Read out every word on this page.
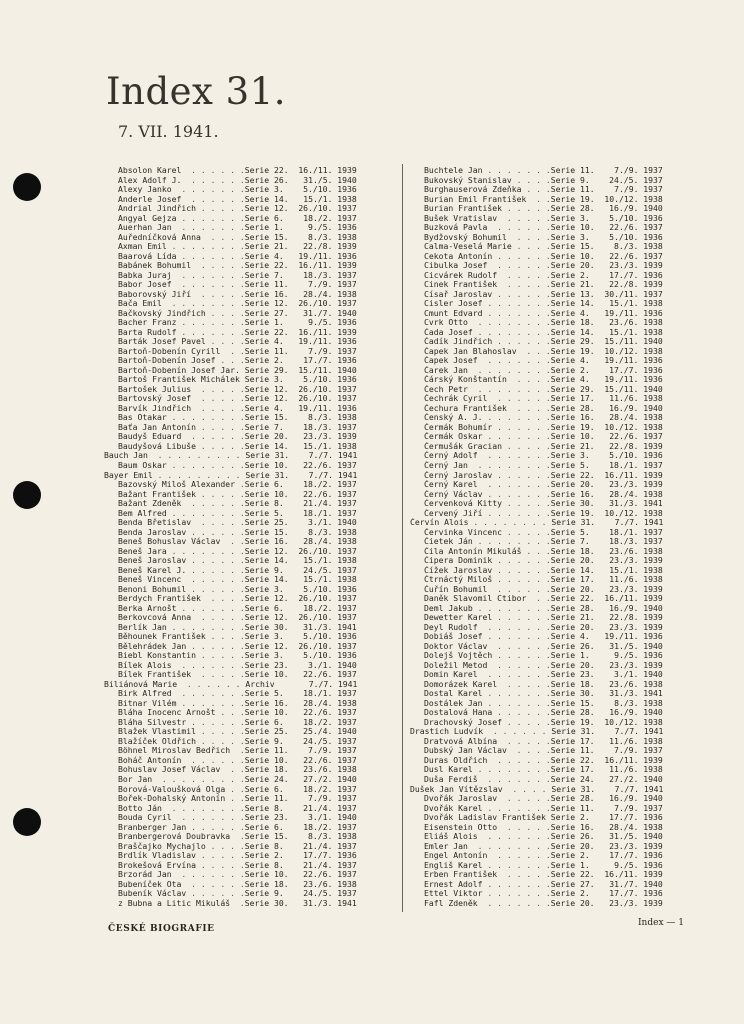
Index 31.
7. VII. 1941.
Absolon Karel  . . . . . .Serie 22. 16./11. 1939
Alex Adolf J.  . . . . . .Serie 26.   31./5. 1940
Alexy Janko  . . . . . . .Serie 3.    5./10. 1936
Anderle Josef  . . . . . .Serie 14.   15./1. 1938
Andrial Jindřich . . . . .Serie 12. 26./10. 1937
Angyal Gejza . . . . . . .Serie 6.    18./2. 1937
Auerhan Jan  . . . . . . .Serie 1.     9./5. 1936
Auředníčková Anna  . . . .Serie 15.    8./3. 1938
Axman Emil . . . . . . . .Serie 21.   22./8. 1939
Baarová Lída . . . . . . .Serie 4. 19./11. 1936
Babánek Bohumil  . . . . .Serie 22. 16./11. 1939
Babka Juraj  . . . . . . .Serie 7.    18./3. 1937
Babor Josef  . . . . . . .Serie 11.    7./9. 1937
Baborovský Jiří  . . . . .Serie 16.   28./4. 1938
Bača Emil  . . . . . . . .Serie 12. 26./10. 1937
Bačkovský Jindřich . . . .Serie 27.   31./7. 1940
Bacher Franz . . . . . . .Serie 1.     9./5. 1936
Barta Rudolf . . . . . . .Serie 22. 16./11. 1939
Barták Josef Pavel . . . .Serie 4. 19./11. 1936
Bartoň-Dobenín Cyrill  . .Serie 11.    7./9. 1937
Bartoň-Dobenín Josef . . .Serie 2.    17./7. 1936
Bartoň-Dobenín Josef Jar. Serie 29. 15./11. 1940
Bartoš František Michálek Serie 3.    5./10. 1936
Bartošek Julius  . . . . .Serie 12. 26./10. 1937
Bartovský Josef  . . . . .Serie 12. 26./10. 1937
Barvík Jindřich  . . . . .Serie 4. 19./11. 1936
Bas Otakar . . . . . . . .Serie 15.    8./3. 1938
Baťa Jan Antonín . . . . .Serie 7.    18./3. 1937
Baudyš Eduard  . . . . . .Serie 20.   23./3. 1939
Baudyšová Libuše . . . . .Serie 14.   15./1. 1938
Bauch Jan  . . . . . . . . . Serie 31.    7./7. 1941
Baum Oskar . . . . . . . .Serie 10.   22./6. 1937
Bayer Emil . . . . . . . . . Serie 31.    7./7. 1941
Bazovský Miloš Alexander .Serie 6.    18./2. 1937
Bažant František . . . . .Serie 10.   22./6. 1937
Bažant Zdeněk  . . . . . .Serie 8.    21./4. 1937
Bem Alfred . . . . . . . .Serie 5.    18./1. 1937
Benda Břetislav  . . . . .Serie 25.    3./1. 1940
Benda Jaroslav . . . . . .Serie 15.    8./3. 1938
Beneš Bohuslav Václav  . .Serie 16.   28./4. 1938
Beneš Jara . . . . . . . .Serie 12. 26./10. 1937
Beneš Jaroslav . . . . . .Serie 14.   15./1. 1938
Beneš Karel J. . . . . . .Serie 9.    24./5. 1937
Beneš Vincenc  . . . . . .Serie 14.   15./1. 1938
Benoni Bohumil . . . . . .Serie 3.    5./10. 1936
Berdych František  . . . .Serie 12. 26./10. 1937
Berka Arnošt . . . . . . .Serie 6.    18./2. 1937
Berkovcová Anna  . . . . .Serie 12. 26./10. 1937
Berlík Jan . . . . . . . .Serie 30.   31./3. 1941
Běhounek František . . . .Serie 3.    5./10. 1936
Bělehrádek Jan . . . . . .Serie 12. 26./10. 1937
Biebl Konstantin . . . . .Serie 3.    5./10. 1936
Bílek Alois  . . . . . . .Serie 23.    3./1. 1940
Bílek František  . . . . .Serie 10.   22./6. 1937
Biliánová Marie  . . . . . . Archiv	7./7. 1941
Birk Alfred  . . . . . . .Serie 5.    18./1. 1937
Bitnar Vilém . . . . . . .Serie 16.   28./4. 1938
Bláha Inocenc Arnošt . . .Serie 10.   22./6. 1937
Bláha Silvestr . . . . . .Serie 6.    18./2. 1937
Blažek Vlastimil . . . . .Serie 25.   25./4. 1940
Blažíček Oldřich . . . . .Serie 9.    24./5. 1937
Böhnel Miroslav Bedřich  .Serie 11.    7./9. 1937
Boháč Antonín  . . . . . .Serie 10.   22./6. 1937
Bohuslav Josef Václav  . .Serie 18.   23./6. 1938
Bor Jan  . . . . . . . . .Serie 24.   27./2. 1940
Borová-Valoušková Olga . .Serie 6.    18./2. 1937
Bořek-Dohalský Antonín . .Serie 11.    7./9. 1937
Botto Ján  . . . . . . . .Serie 8.    21./4. 1937
Bouda Cyril  . . . . . . .Serie 23.    3./1. 1940
Branberger Jan . . . . . .Serie 6.    18./2. 1937
Branbergerová Doubravka  .Serie 15.    8./3. 1938
Braščajko Mychajlo . . . .Serie 8.    21./4. 1937
Brdlík Vladislav . . . . .Serie 2.    17./7. 1936
Brokešová Ervína . . . . .Serie 8.    21./4. 1937
Brzorád Jan  . . . . . . .Serie 10.   22./6. 1937
Bubeníček Ota  . . . . . .Serie 18.   23./6. 1938
Bubeník Václav . . . . . .Serie 9.    24./5. 1937
z Bubna a Litic Mikuláš  .Serie 30.   31./3. 1941
Buchtele Jan . . . . . . .Serie 11.    7./9. 1937
Bukovský Stanislav . . . .Serie 9.    24./5. 1937
Burghauserová Zdeňka . . .Serie 11.    7./9. 1937
Burian Emil František  . .Serie 19. 10./12. 1938
Burian František . . . . .Serie 28.   16./9. 1940
Bušek Vratislav  . . . . .Serie 3.    5./10. 1936
Buzková Pavla  . . . . . .Serie 10.   22./6. 1937
Bydžovský Bohumil  . . . .Serie 3.    5./10. 1936
Calma-Veselá Marie . . . .Serie 15.    8./3. 1938
Cekota Antonín . . . . . .Serie 10.   22./6. 1937
Cibulka Josef  . . . . . .Serie 20.   23./3. 1939
Cicvárek Rudolf  . . . . .Serie 2.    17./7. 1936
Cinek František  . . . . .Serie 21.   22./8. 1939
Císař Jaroslav . . . . . .Serie 13. 30./11. 1937
Cisler Josef . . . . . . .Serie 14.   15./1. 1938
Cmunt Edvard . . . . . . .Serie 4. 19./11. 1936
Cvrk Otto  . . . . . . . .Serie 18.   23./6. 1938
Čada Josef . . . . . . . .Serie 14.   15./1. 1938
Čadík Jindřich . . . . . .Serie 29. 15./11. 1940
Čapek Jan Blahoslav  . . .Serie 19. 10./12. 1938
Čapek Josef  . . . . . . .Serie 4. 19./11. 1936
Čarek Jan  . . . . . . . .Serie 2.    17./7. 1936
Čárský Konštantín  . . . .Serie 4. 19./11. 1936
Čech Petr  . . . . . . . .Serie 29. 15./11. 1940
Čechrák Cyril  . . . . . .Serie 17.   11./6. 1938
Čechura František  . . . .Serie 28.   16./9. 1940
Čenský A. J. . . . . . . .Serie 16.   28./4. 1938
Čermák Bohumír . . . . . .Serie 19. 10./12. 1938
Čermák Oskar . . . . . . .Serie 10.   22./6. 1937
Čermušák Gracian . . . . .Serie 21.   22./8. 1939
Černý Adolf  . . . . . . .Serie 3.    5./10. 1936
Černý Jan  . . . . . . . .Serie 5.    18./1. 1937
Černý Jaroslav . . . . . .Serie 22. 16./11. 1939
Černý Karel  . . . . . . .Serie 20.   23./3. 1939
Černý Václav . . . . . . .Serie 16.   28./4. 1938
Červenková Kitty . . . . .Serie 30.   31./3. 1941
Červený Jiří . . . . . . .Serie 19. 10./12. 1938
Červín Alois . . . . . . . . Serie 31.    7./7. 1941
Červinka Vincenc . . . . .Serie 5.    18./1. 1937
Čietek Ján . . . . . . . .Serie 7.    18./3. 1937
Čila Antonín Mikuláš . . .Serie 18.   23./6. 1938
Čipera Dominik . . . . . .Serie 20.   23./3. 1939
Čížek Jaroslav . . . . . .Serie 14.   15./1. 1938
Čtrnáctý Miloš . . . . . .Serie 17.   11./6. 1938
Čuřín Bohumil  . . . . . .Serie 20.   23./3. 1939
Daněk Slavomil Ctibor  . .Serie 22. 16./11. 1939
Deml Jakub . . . . . . . .Serie 28.   16./9. 1940
Dewetter Karel . . . . . .Serie 21.   22./8. 1939
Deyl Rudolf  . . . . . . .Serie 20.   23./3. 1939
Dobiáš Josef . . . . . . .Serie 4. 19./11. 1936
Doktor Václav  . . . . . .Serie 26.   31./5. 1940
Dolejš Vojtěch . . . . . .Serie 1.     9./5. 1936
Doležil Metod  . . . . . .Serie 20.   23./3. 1939
Domin Karel  . . . . . . .Serie 23.    3./1. 1940
Domorázek Karel  . . . . .Serie 18.   23./6. 1938
Dostal Karel . . . . . . .Serie 30.   31./3. 1941
Dostálek Jan . . . . . . .Serie 15.    8./3. 1938
Dostalová Hana . . . . . .Serie 28.   16./9. 1940
Drachovský Josef . . . . .Serie 19. 10./12. 1938
Drastich Ludvík  . . . . . . Serie 31.    7./7. 1941
Dratvová Albína  . . . . .Serie 17.   11./6. 1938
Dubský Jan Václav  . . . .Serie 11.    7./9. 1937
Duras Oldřich  . . . . . .Serie 22. 16./11. 1939
Dusl Karel . . . . . . . .Serie 17.   11./6. 1938
Duša Ferdiš  . . . . . . .Serie 24.   27./2. 1940
Dušek Jan Vítězslav  . . . . Serie 31.    7./7. 1941
Dvořák Jaroslav  . . . . .Serie 28.   16./9. 1940
Dvořák Karel . . . . . . .Serie 11.    7./9. 1937
Dvořák Ladislav František Serie 2.    17./7. 1936
Eisenstein Otto  . . . . .Serie 16.   28./4. 1938
Eliáš Alois  . . . . . . .Serie 26.   31./5. 1940
Emler Jan  . . . . . . . .Serie 20.   23./3. 1939
Engel Antonín  . . . . . .Serie 2.    17./7. 1936
Engliš Karel . . . . . . .Serie 1.     9./5. 1936
Erben František  . . . . .Serie 22. 16./11. 1939
Ernest Adolf . . . . . . .Serie 27.   31./7. 1940
Ettel Viktor . . . . . . .Serie 2.    17./7. 1936
Fafl Zdeněk  . . . . . . .Serie 20.   23./3. 1939
ČESKÉ BIOGRAFIE
Index — 1
